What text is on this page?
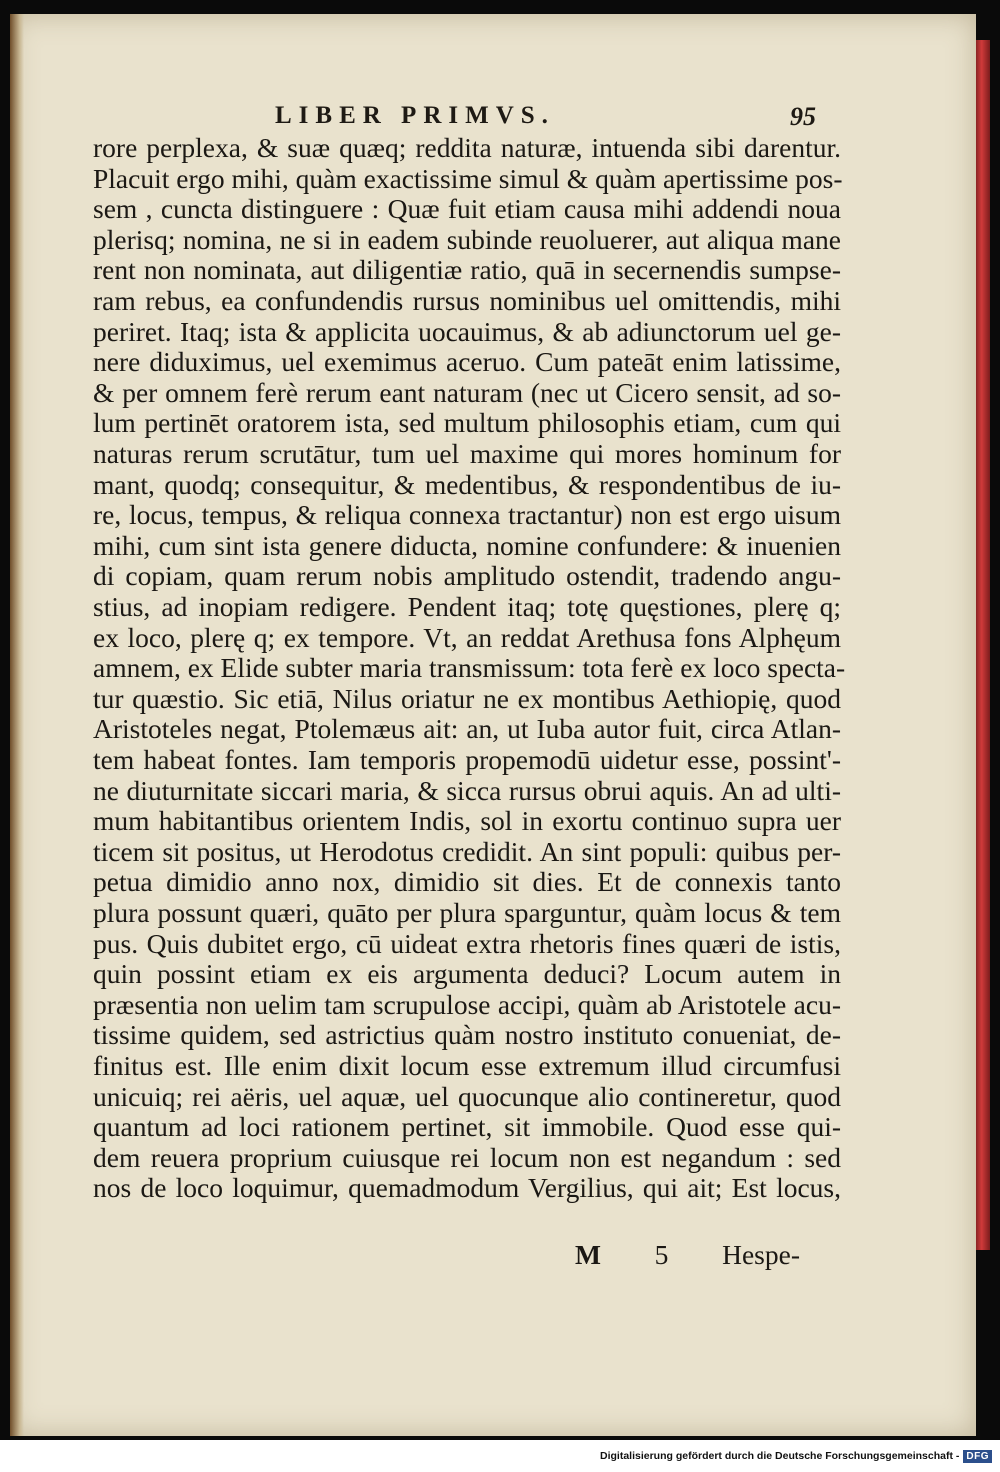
LIBER PRIMVS.	95
rore perplexa, & suæ quæq; reddita naturæ, intuenda sibi darentur.
Placuit ergo mihi, quàm exactissime simul & quàm apertissime pos-
sem , cuncta distinguere : Quæ fuit etiam causa mihi addendi noua
plerisq; nomina, ne si in eadem subinde reuoluerer, aut aliqua mane
rent non nominata, aut diligentiæ ratio, quā in secernendis sumpse-
ram rebus, ea confundendis rursus nominibus uel omittendis, mihi
periret. Itaq; ista & applicita uocauimus, & ab adiunctorum uel ge-
nere diduximus, uel exemimus aceruo. Cum pateāt enim latissime,
& per omnem ferè rerum eant naturam (nec ut Cicero sensit, ad so-
lum pertinēt oratorem ista, sed multum philosophis etiam, cum qui
naturas rerum scrutātur, tum uel maxime qui mores hominum for
mant, quodq; consequitur, & medentibus, & respondentibus de iu-
re, locus, tempus, & reliqua connexa tractantur) non est ergo uisum
mihi, cum sint ista genere diducta, nomine confundere: & inuenien
di copiam, quam rerum nobis amplitudo ostendit, tradendo angu-
stius, ad inopiam redigere. Pendent itaq; totę quęstiones, plerę q;
ex loco, plerę q; ex tempore. Vt, an reddat Arethusa fons Alphęum
amnem, ex Elide subter maria transmissum: tota ferè ex loco specta-
tur quæstio. Sic etiā, Nilus oriatur ne ex montibus Aethiopię, quod
Aristoteles negat, Ptolemæus ait: an, ut Iuba autor fuit, circa Atlan-
tem habeat fontes. Iam temporis propemodū uidetur esse, possint'-
ne diuturnitate siccari maria, & sicca rursus obrui aquis. An ad ulti-
mum habitantibus orientem Indis, sol in exortu continuo supra uer
ticem sit positus, ut Herodotus credidit. An sint populi: quibus per-
petua dimidio anno nox, dimidio sit dies. Et de connexis tanto
plura possunt quæri, quāto per plura sparguntur, quàm locus & tem
pus. Quis dubitet ergo, cū uideat extra rhetoris fines quæri de istis,
quin possint etiam ex eis argumenta deduci? Locum autem in
præsentia non uelim tam scrupulose accipi, quàm ab Aristotele acu-
tissime quidem, sed astrictius quàm nostro instituto conueniat, de-
finitus est. Ille enim dixit locum esse extremum illud circumfusi
unicuiq; rei aëris, uel aquæ, uel quocunque alio contineretur, quod
quantum ad loci rationem pertinet, sit immobile. Quod esse qui-
dem reuera proprium cuiusque rei locum non est negandum : sed
nos de loco loquimur, quemadmodum Vergilius, qui ait; Est locus,
M 5 Hespe-
Digitalisierung gefördert durch die Deutsche Forschungsgemeinschaft - DFG
